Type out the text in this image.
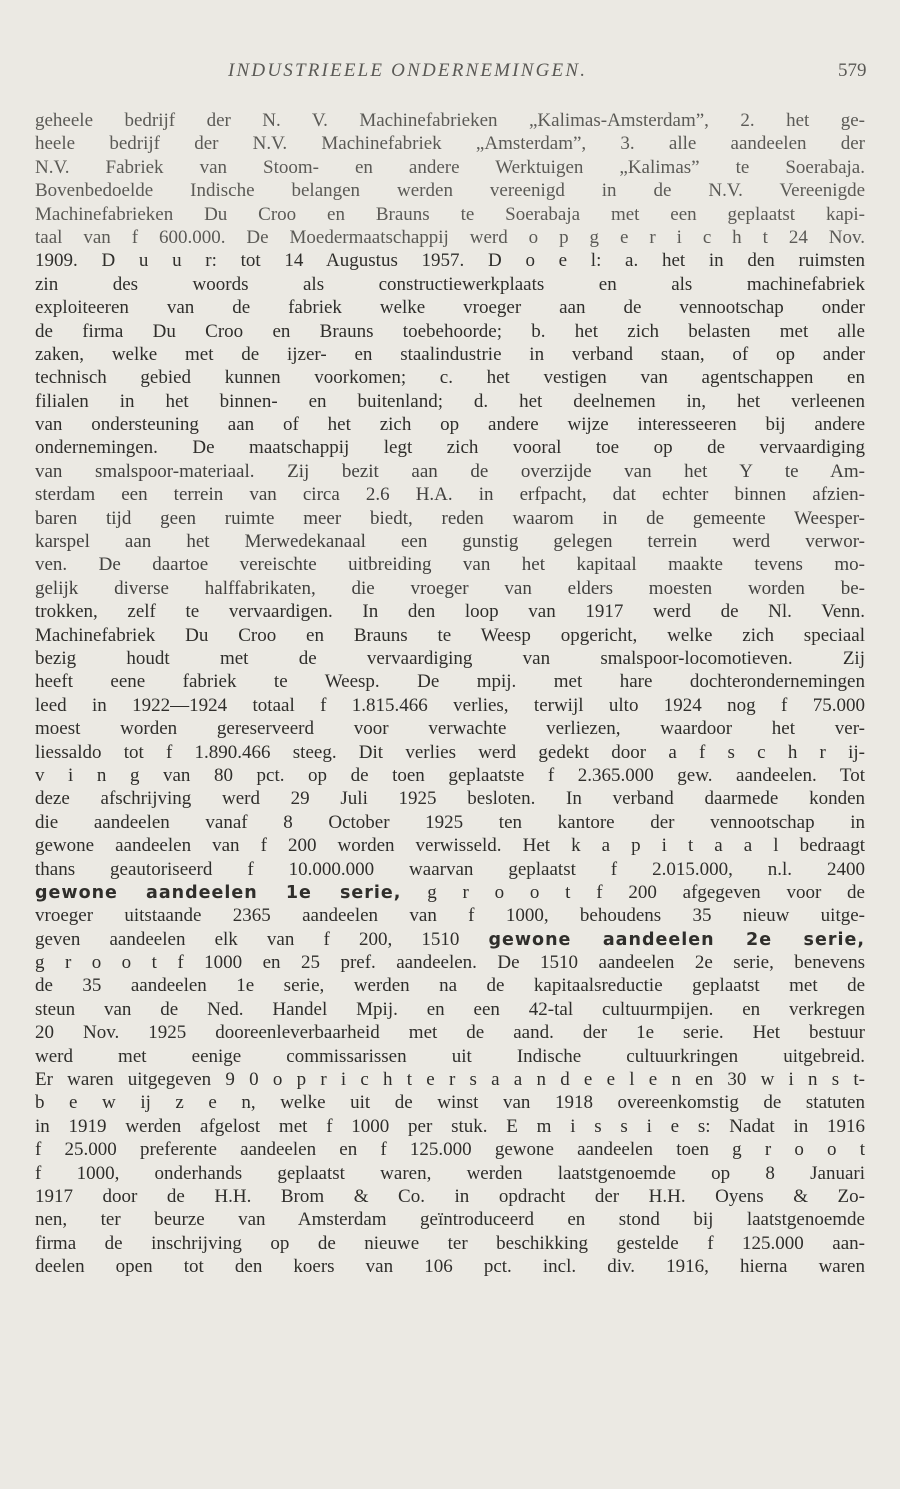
INDUSTRIEELE ONDERNEMINGEN.	579
geheele bedrijf der N. V. Machinefabrieken „Kalimas-Amsterdam”, 2. het ge-
heele bedrijf der N.V. Machinefabriek „Amsterdam”, 3. alle aandeelen der
N.V. Fabriek van Stoom- en andere Werktuigen „Kalimas” te Soerabaja.
Bovenbedoelde Indische belangen werden vereenigd in de N.V. Vereenigde
Machinefabrieken Du Croo en Brauns te Soerabaja met een geplaatst kapi-
taal van f 600.000. De Moedermaatschappij werd o p g e r i c h t 24 Nov.
1909. D u u r: tot 14 Augustus 1957. D o e l: a. het in den ruimsten
zin des woords als constructiewerkplaats en als machinefabriek
exploiteeren van de fabriek welke vroeger aan de vennootschap onder
de firma Du Croo en Brauns toebehoorde; b. het zich belasten met alle
zaken, welke met de ijzer- en staalindustrie in verband staan, of op ander
technisch gebied kunnen voorkomen; c. het vestigen van agentschappen en
filialen in het binnen- en buitenland; d. het deelnemen in, het verleenen
van ondersteuning aan of het zich op andere wijze interesseeren bij andere
ondernemingen. De maatschappij legt zich vooral toe op de vervaardiging
van smalspoor-materiaal. Zij bezit aan de overzijde van het Y te Am-
sterdam een terrein van circa 2.6 H.A. in erfpacht, dat echter binnen afzien-
baren tijd geen ruimte meer biedt, reden waarom in de gemeente Weesper-
karspel aan het Merwedekanaal een gunstig gelegen terrein werd verwor-
ven. De daartoe vereischte uitbreiding van het kapitaal maakte tevens mo-
gelijk diverse halffabrikaten, die vroeger van elders moesten worden be-
trokken, zelf te vervaardigen. In den loop van 1917 werd de Nl. Venn.
Machinefabriek Du Croo en Brauns te Weesp opgericht, welke zich speciaal
bezig houdt met de vervaardiging van smalspoor-locomotieven. Zij
heeft eene fabriek te Weesp. De mpij. met hare dochterondernemingen
leed in 1922—1924 totaal f 1.815.466 verlies, terwijl ulto 1924 nog f 75.000
moest worden gereserveerd voor verwachte verliezen, waardoor het ver-
liessaldo tot f 1.890.466 steeg. Dit verlies werd gedekt door a f s c h r ij-
v i n g van 80 pct. op de toen geplaatste f 2.365.000 gew. aandeelen. Tot
deze afschrijving werd 29 Juli 1925 besloten. In verband daarmede konden
die aandeelen vanaf 8 October 1925 ten kantore der vennootschap in
gewone aandeelen van f 200 worden verwisseld. Het k a p i t a a l bedraagt
thans geautoriseerd f 10.000.000 waarvan geplaatst f 2.015.000, n.l. 2400
gewone aandeelen 1e serie, g r o o t f 200 afgegeven voor de
vroeger uitstaande 2365 aandeelen van f 1000, behoudens 35 nieuw uitge-
geven aandeelen elk van f 200, 1510 gewone aandeelen 2e serie,
g r o o t f 1000 en 25 pref. aandeelen. De 1510 aandeelen 2e serie, benevens
de 35 aandeelen 1e serie, werden na de kapitaalsreductie geplaatst met de
steun van de Ned. Handel Mpij. en een 42-tal cultuurmpijen. en verkregen
20 Nov. 1925 dooreenleverbaarheid met de aand. der 1e serie. Het bestuur
werd met eenige commissarissen uit Indische cultuurkringen uitgebreid.
Er waren uitgegeven 9 0 o p r i c h t e r s a a n d e e l e n en 30 w i n s t-
b e w ij z e n, welke uit de winst van 1918 overeenkomstig de statuten
in 1919 werden afgelost met f 1000 per stuk. E m i s s i e s: Nadat in 1916
f 25.000 preferente aandeelen en f 125.000 gewone aandeelen toen g r o o t
f 1000, onderhands geplaatst waren, werden laatstgenoemde op 8 Januari
1917 door de H.H. Brom & Co. in opdracht der H.H. Oyens & Zo-
nen, ter beurze van Amsterdam geïntroduceerd en stond bij laatstgenoemde
firma de inschrijving op de nieuwe ter beschikking gestelde f 125.000 aan-
deelen open tot den koers van 106 pct. incl. div. 1916, hierna waren
